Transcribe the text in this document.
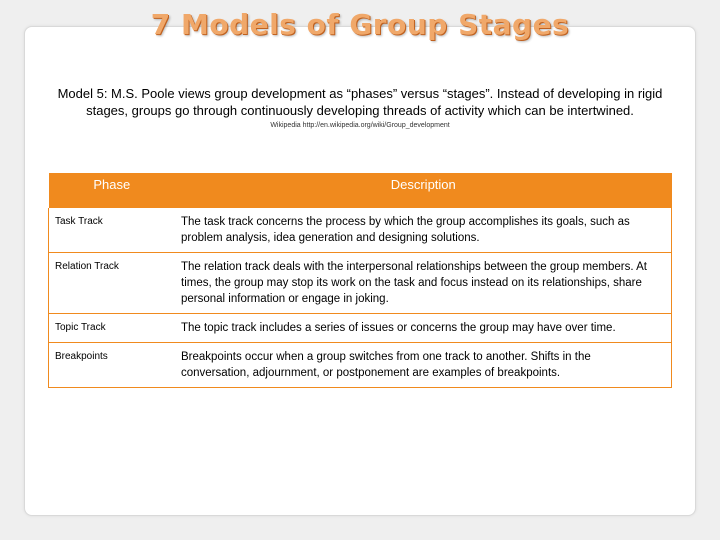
7 Models of Group Stages
Model 5: M.S. Poole views group development as “phases” versus “stages”. Instead of developing in rigid stages, groups go through continuously developing threads of activity which can be intertwined.
Wikipedia http://en.wikipedia.org/wiki/Group_development
Phase	Description
Task Track	The task track concerns the process by which the group accomplishes its goals, such as problem analysis, idea generation and designing solutions.
Relation Track	The relation track deals with the interpersonal relationships between the group members. At times, the group may stop its work on the task and focus instead on its relationships, share personal information or engage in joking.
Topic Track	The topic track includes a series of issues or concerns the group may have over time.
Breakpoints	Breakpoints occur when a group switches from one track to another. Shifts in the conversation, adjournment, or postponement are examples of breakpoints.
